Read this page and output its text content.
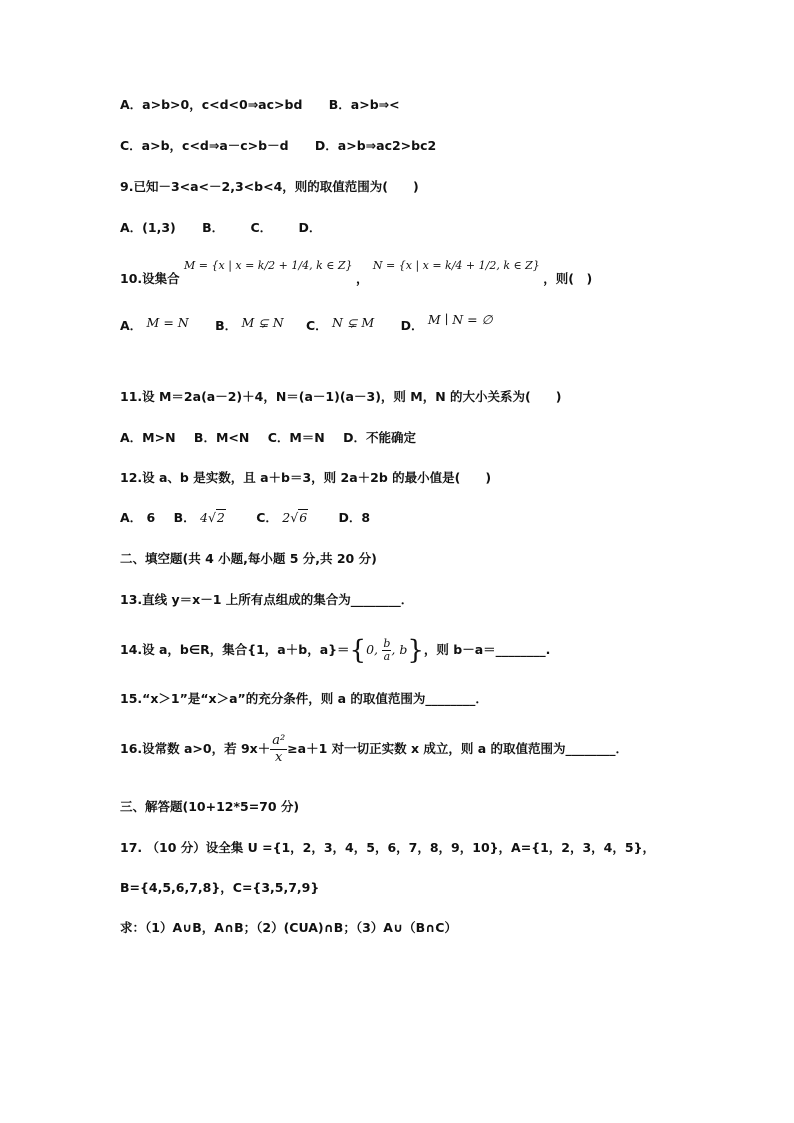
A．a>b>0，c<d<0⇒ac>bd B．a>b⇒<
C．a>b，c<d⇒a－c>b－d D．a>b⇒ac2>bc2
9.已知－3<a<－2,3<b<4，则的取值范围为(　　)
A．(1,3) B． C． D．
10.设集合 M = {x | x = k/2 + 1/4, k ∈ Z} ， N = {x | x = k/4 + 1/2, k ∈ Z} ，则(　)
A． M = N B． M ⊊ N C． N ⊊ M D． M ∣ N = ∅
11.设 M＝2a(a－2)＋4，N＝(a－1)(a－3)，则 M，N 的大小关系为(　　)
A．M>N B．M<N C．M＝N D．不能确定
12.设 a、b 是实数，且 a＋b＝3，则 2a＋2b 的最小值是(　　)
A． 6 B． 4√2	C． 2√6	D．8
二、填空题(共 4 小题,每小题 5 分,共 20 分)
13.直线 y＝x－1 上所有点组成的集合为________．
14.设 a，b∈R，集合{1，a＋b，a}＝{0, $\frac{b}{a}$ , b}，则 b－a＝________.
15.“x＞1”是“x＞a”的充分条件，则 a 的取值范围为________．
16.设常数 a>0，若 $9x+ \frac{\text{a²}}{x} \ge a+1$ 对一切正实数 x 成立，则 a 的取值范围为________．
三、解答题(10+12*5=70 分)
17. （10 分）设全集 U ={1，2，3，4，5，6，7，8，9，10}，A={1，2，3，4，5}，
B={4,5,6,7,8}，C={3,5,7,9}
求：（1）A∪B，A∩B；（2）(CUA)∩B；（3）A∪（B∩C）
